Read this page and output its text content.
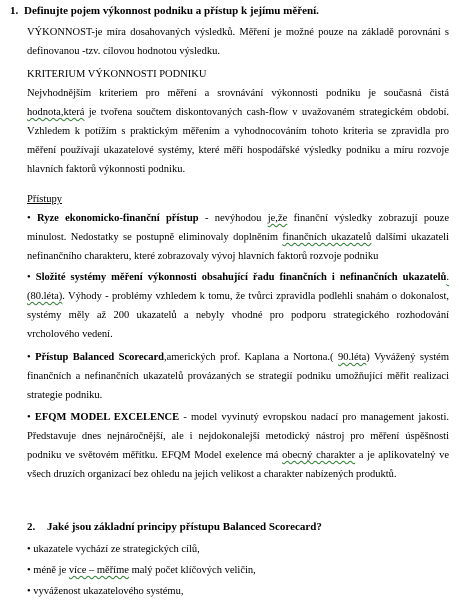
1. Definujte pojem výkonnost podniku a přístup k jejímu měření.

VÝKONNOST-je míra dosahovaných výsledků. Měření je možné pouze na základě porovnání s definovanou -tzv. cílovou hodnotou výsledku.

KRITERIUM VÝKONNOSTI PODNIKU

Nejvhodnějším kriteriem pro měření a srovnávání výkonnosti podniku je současná čistá hodnota,která je tvořena součtem diskontovaných cash-flow v uvažovaném strategickém období. Vzhledem k potížím s praktickým měřením a vyhodnocováním tohoto kriteria se zpravidla pro měření používají ukazatelové systémy, které měří hospodářské výsledky podniku a míru rozvoje hlavních faktorů výkonnosti podniku.

Přístupy

• Ryze ekonomicko-finanční přístup - nevýhodou je,že finanční výsledky zobrazují pouze minulost. Nedostatky se postupně eliminovaly doplněním finančních ukazatelů dalšími ukazateli nefinančního charakteru, které zobrazovaly vývoj hlavních faktorů rozvoje podniku

• Složité systémy měření výkonnosti obsahující řadu finančních i nefinančních ukazatelů.(80.léta). Výhody - problémy vzhledem k tomu, že tvůrci zpravidla podlehli snahám o dokonalost, systémy měly až 200 ukazatelů a nebyly vhodné pro podporu strategického rozhodování vrcholového vedení.

• Přístup Balanced Scorecard,amerických prof. Kaplana a Nortona.( 90.léta) Vyvážený systém finančních a nefinančních ukazatelů provázaných se strategií podniku umožňující měřit realizaci strategie podniku.

• EFQM MODEL EXCELENCE - model vyvinutý evropskou nadací pro management jakosti. Představuje dnes nejnáročnější, ale i nejdokonalejší metodický nástroj pro měření úspěšnosti podniku ve světovém měřítku. EFQM Model exelence má obecný charakter a je aplikovatelný ve všech druzích organizací bez ohledu na jejich velikost a charakter nabízených produktů.

2. Jaké jsou základní principy přístupu Balanced Scorecard?

• ukazatele vychází ze strategických cílů,

• méně je více – měříme malý počet klíčových veličin,

• vyváženost ukazatelového systému,
